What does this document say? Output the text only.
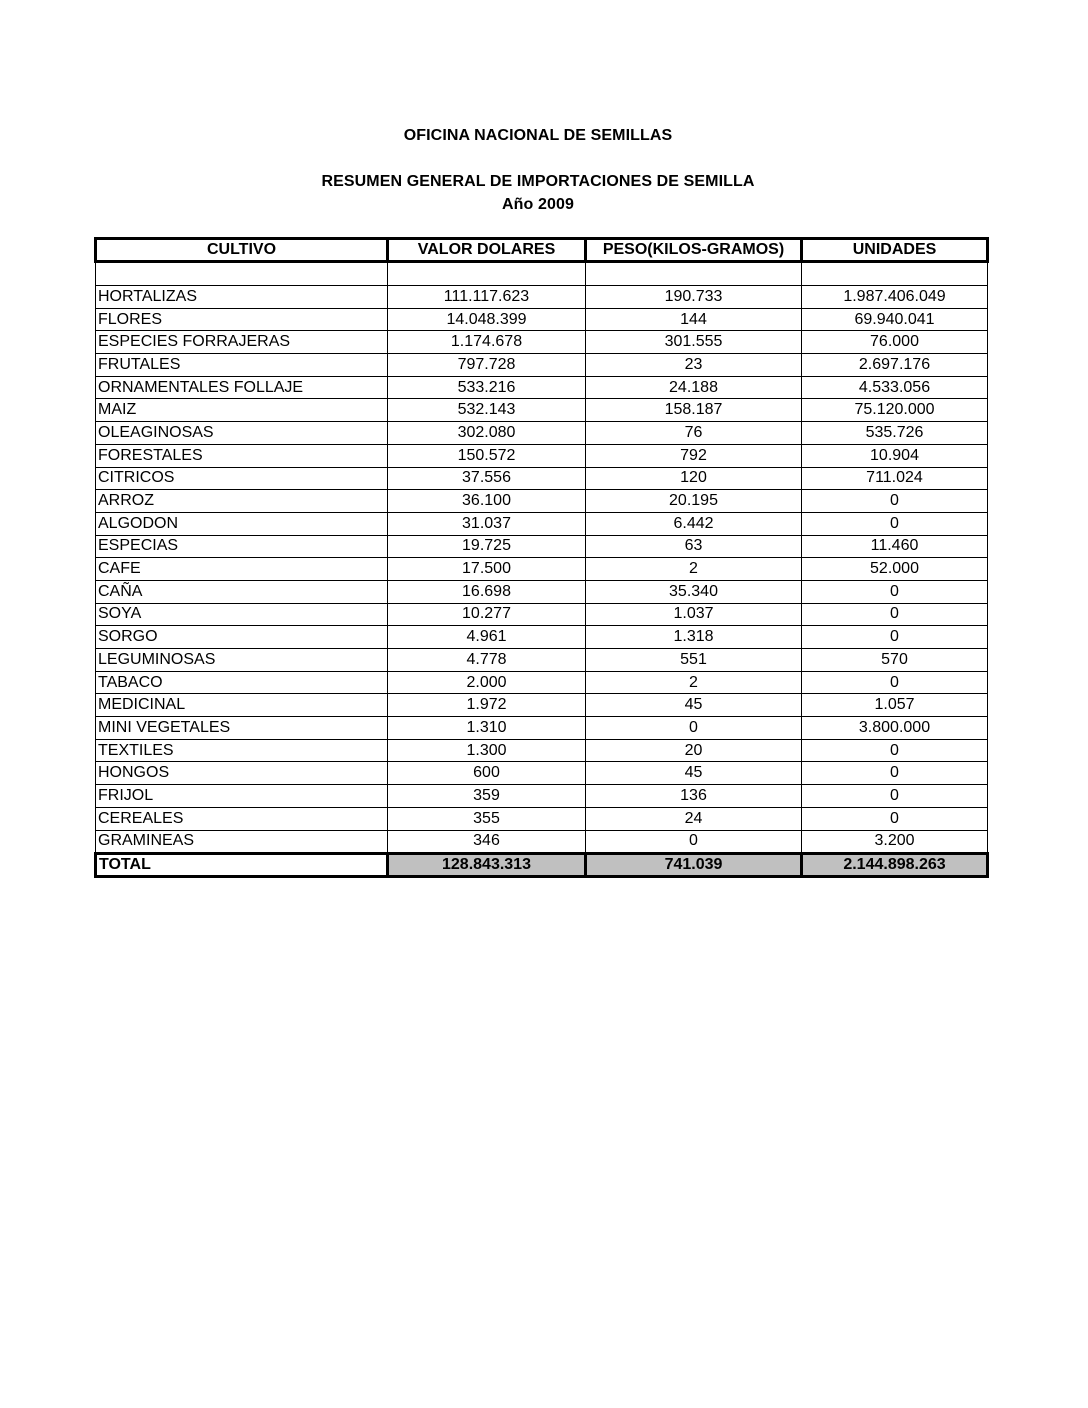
OFICINA NACIONAL DE SEMILLAS
RESUMEN GENERAL DE IMPORTACIONES DE SEMILLA
Año 2009
CULTIVO	VALOR DOLARES	PESO(KILOS-GRAMOS)	UNIDADES

HORTALIZAS	111.117.623	190.733	1.987.406.049
FLORES	14.048.399	144	69.940.041
ESPECIES FORRAJERAS	1.174.678	301.555	76.000
FRUTALES	797.728	23	2.697.176
ORNAMENTALES FOLLAJE	533.216	24.188	4.533.056
MAIZ	532.143	158.187	75.120.000
OLEAGINOSAS	302.080	76	535.726
FORESTALES	150.572	792	10.904
CITRICOS	37.556	120	711.024
ARROZ	36.100	20.195	0
ALGODON	31.037	6.442	0
ESPECIAS	19.725	63	11.460
CAFE	17.500	2	52.000
CAÑA	16.698	35.340	0
SOYA	10.277	1.037	0
SORGO	4.961	1.318	0
LEGUMINOSAS	4.778	551	570
TABACO	2.000	2	0
MEDICINAL	1.972	45	1.057
MINI VEGETALES	1.310	0	3.800.000
TEXTILES	1.300	20	0
HONGOS	600	45	0
FRIJOL	359	136	0
CEREALES	355	24	0
GRAMINEAS	346	0	3.200
TOTAL	128.843.313	741.039	2.144.898.263
